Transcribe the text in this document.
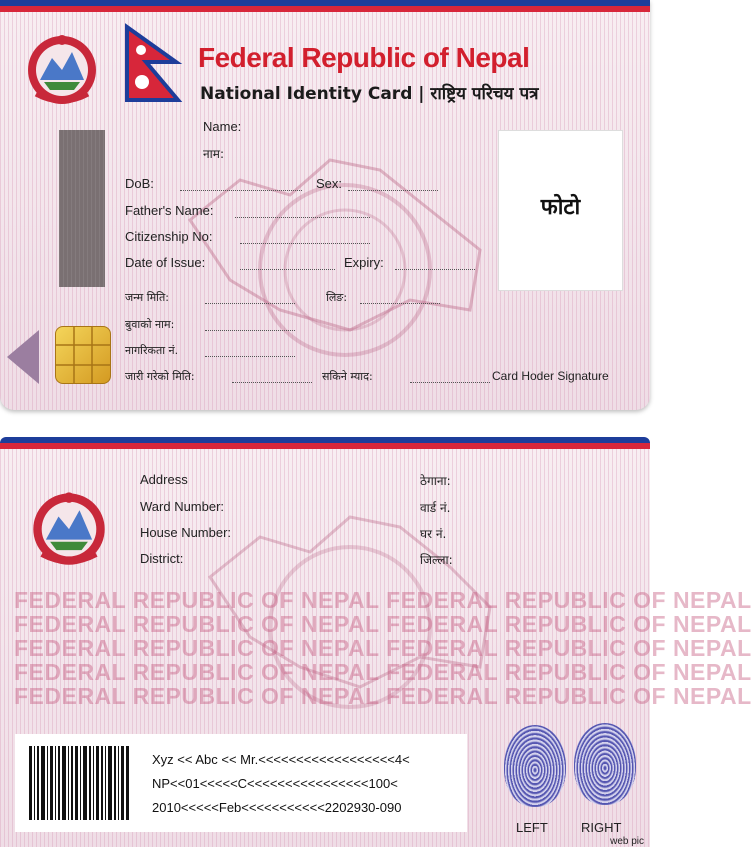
Federal Republic of Nepal
National Identity Card | राष्ट्रिय परिचय पत्र
Name:
नाम:
DoB:	Sex:
Father's Name:
Citizenship No:
Date of Issue:	Expiry:
जन्म मिति:	लिङ:
बुवाको नाम:
नागरिकता नं.
जारी गरेको मिति:	सकिने म्याद:	Card Hoder Signature
फोटो
Address	ठेगाना:
Ward Number:	वार्ड नं.
House Number:	घर नं.
District:	जिल्ला:
FEDERAL REPUBLIC OF NEPAL FEDERAL REPUBLIC OF NEPAL
FEDERAL REPUBLIC OF NEPAL FEDERAL REPUBLIC OF NEPAL
FEDERAL REPUBLIC OF NEPAL FEDERAL REPUBLIC OF NEPAL
FEDERAL REPUBLIC OF NEPAL FEDERAL REPUBLIC OF NEPAL
FEDERAL REPUBLIC OF NEPAL FEDERAL REPUBLIC OF NEPAL
Xyz << Abc << Mr.<<<<<<<<<<<<<<<<<<4<
NP<<01<<<<<C<<<<<<<<<<<<<<<<100<
2010<<<<<Feb<<<<<<<<<<<2202930-090
LEFT	RIGHT
web pic
